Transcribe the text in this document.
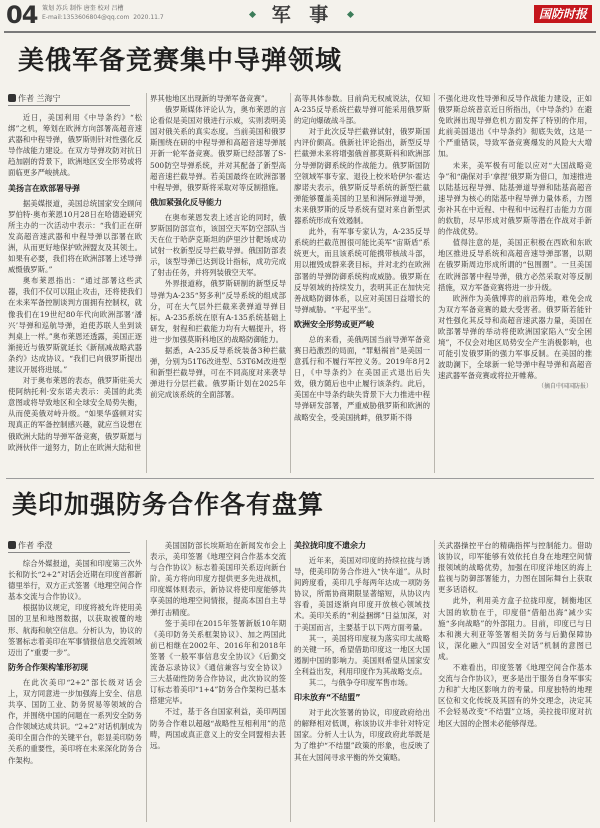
04 策划 苏兵 制作 唐奎 校对 吕槽
E-mail:1353606804@qq.com 2020.11.7	军 事	国防时报
美俄军备竞赛集中导弹领域
作者 兰海宁

近日，美国利用《中导条约》“松绑”之机，筹划在欧洲方向部署高超音速武器和中程导弹，俄罗斯则针对性强化反导作战能力建设。在双方导弹攻防对抗日趋加剧的背景下，欧洲地区安全形势或将面临更多严峻挑战。

美扬言在欧部署导弹

据美媒报道，美国总统国家安全顾问罗伯特·奥布莱恩10月28日在哈德逊研究所主办的一次活动中表示：“我们正在研发高超音速武器和中程导弹以部署在欧洲，从而更好地保护欧洲盟友及其领土。如果有必要，我们将在欧洲部署上述导弹威慑俄罗斯。”

奥布莱恩指出：“通过部署这些武器，我们不仅可以阻止攻击，还将使我们在未来军备控制谈判方面拥有控制权，就像我们在19世纪80年代向欧洲部署‘潘兴’导弹和巡航导弹，迫使苏联人坐到谈判桌上一样。”奥布莱恩还透露，美国正逐渐接近与俄罗斯就延长《新削减战略武器条约》达成协议。“我们已向俄罗斯提出建议开展将进展。”

对于奥布莱恩的表态，俄罗斯驻美大使阿纳托利·安东诺夫表示：美国的此类意图或将导致地区和全球安全局势失衡，从而使美俄对峙升级。“如果华盛顿对实现真正的军备控制感兴趣，就应当设想在俄欧洲大陆的导弹军备竞赛，俄罗斯愿与欧洲伙伴一道努力，防止在欧洲大陆和世

界其他地区出现新的导弹军备竞赛”。

俄罗斯媒体评论认为，奥布莱恩的言论看似是美国对俄进行示威，实则表明美国对俄关系的真实态度。当前美国和俄罗斯围绕在研的中程导弹和高超音速导弹展开新一轮军备竞赛。俄罗斯已经部署了S-500防空导弹系统，并对其配备了新型高超音速拦截导弹。若美国最终在欧洲部署中程导弹，俄罗斯将采取对等反制措施。

俄加紧强化反导能力

在奥布莱恩发表上述言论的同时，俄罗斯国防部宣布，该国空天军防空部队当天在位于哈萨克斯坦的萨里沙甘靶场成功试射一枚新型反导拦截导弹。俄国防部表示，该型导弹已达到设计指标，成功完成了射击任务，并将列装俄空天军。

外界报道称，俄罗斯研制的新型反导导弹为A-235“努多利”反导系统的组成部分，可在大气层外拦截来袭弹道导弹目标。A-235系统在原有A-135系统基础上研发，射程和拦截能力均有大幅提升，将进一步加强莫斯科地区的战略防御能力。

据悉，A-235反导系统装备3种拦截弹，分别为51T6改进型、53T6M改进型和新型拦截导弹，可在不同高度对来袭导弹进行分层拦截。俄罗斯计划在2025年前完成该系统的全面部署。

高等具体参数。目前尚无权威说法，仅知A-235反导系统拦截导弹可能采用俄罗斯的定向爆破战斗部。

对于此次反导拦截弹试射，俄罗斯国内评价颇高。俄新社评论指出，新型反导拦截弹未来将增强俄首都莫斯科和欧洲部分导弹防御系统的作战能力。俄罗斯国防空领域军事专家、退役上校米哈伊尔·霍达廖诺夫表示，俄罗斯反导系统的新型拦截弹能够覆盖美国的卫星和洲际弹道导弹，未来俄罗斯的反导系统有望对来自新型武器系统形成有效遏制。

此外，有军事专家认为，A-235反导系统的拦截范围很可能比美军“宙斯盾”系统更大，而且该系统可能携带核战斗部，用以摧毁成群来袭目标，并对北约在欧洲部署的导弹防御系统构成威胁。俄罗斯在反导领域的持续发力，表明其正在加快完善战略防御体系，以应对美国日益增长的导弹威胁。“平起平坐”。

欧洲安全形势或更严峻

总的来看，美俄两国当前导弹军备竞赛日趋激烈的局面，“罪魁祸首”是美国一意孤行和不履行军控义务。2019年8月2日，《中导条约》在美国正式退出后失效，俄方随后也中止履行该条约。此后，美国在中导条约缺失背景下大力推进中程导弹研发部署，严重威胁俄罗斯和欧洲的战略安全，受美国挑衅，俄罗斯不得

不强化进攻性导弹和反导作战能力建设，正如俄罗斯总统普京近日所指出，《中导条约》在避免欧洲出现导弹危机方面发挥了特别的作用，此前美国退出《中导条约》彻底失效，这是一个严重错误，导致军备竞赛爆发的风险大大增加。

未来，美军极有可能以应对“大国战略竞争”和“确保对手‘拿捏’俄罗斯为借口，加速推进以陆基远程导弹、陆基弹道导弹和陆基高超音速导弹为核心的陆基中程导弹力量体系，力图弥补其在中近程、中程和中远程打击能力方面的软肋，尽早形成对俄罗斯等潜在作战对手新的作战优势。

值得注意的是，美国正积极在西欧和东欧地区推进反导系统和高超音速导弹部署，以期在俄罗斯周边形成所谓的“包围圈”。一旦美国在欧洲部署中程导弹，俄方必然采取对等反制措施，双方军备竞赛将进一步升级。

欧洲作为美俄博弈的前沿阵地，难免会成为双方军备竞赛的最大受害者。俄罗斯若能针对性强化其反导和高超音速武器力量，美国在欧部署导弹的举动将使欧洲国家陷入“安全困境”，不仅会对地区局势安全产生消极影响，也可能引发俄罗斯的强力军事反制。在美国的推波助澜下，全球新一轮导弹中程导弹和高超音速武器军备竞赛或将拉开帷幕。

（摘自中国国防报）

美印加强防务合作各有盘算
作者 季澄

综合外媒报道，美国和印度第三次外长和防长“2+2”对话会近期在印度首都新德里举行，双方正式签署《地理空间合作基本交流与合作协议》。

根据协议规定，印度将被允许使用美国的卫星和地图数据，以获取被覆的地形、航海和航空信息。分析认为，协议的签署标志着美印在军事情报信息交流领域迈出了“重要一步”。

防务合作架构雏形初现

在此次美印“2+2”部长级对话会上，双方同意进一步加强海上安全、信息共享、国防工业、防务贸易等领域的合作，并围绕中国的问题在一系列安全防务合作领域达成共识。“2+2”对话机制成为美印全面合作的关键平台，彰显美印防务关系的重要性，美印将在未来深化防务合作架构。

美国国防部长埃斯珀在新闻发布会上表示，美印签署《地理空间合作基本交流与合作协议》标志着美国印关系迈向新台阶。美方将向印度方提供更多先进战机，印度媒体则表示，新协议将使印度能够共享美国的地理空间情报，提高本国自主导弹打击精度。

签于美印在2015年签署新版10年期《美印防务关系框架协议》、加之两国此前已相继在2002年、2016年和2018年签署《一般军事信息安全协议》《后勤交流备忘录协议》《通信兼容与安全协议》三大基础性防务合作协议，此次协议的签订标志着美印“1+4”防务合作架构已基本搭建完毕。

不过，基于各自国家利益，美印两国防务合作难以超越“战略性互相利用”的范畴，两国或真正意义上的安全同盟相去甚远。

美拉拢印度不遗余力

近年来，美国对印度的持续拉拢与诱导，使美印防务合作进入“快车道”。从时间跨度看，美印几乎每两年达成一项防务协议，所需协商期限显著缩短，从协议内容看，美国逐渐向印度开放核心领域技术。美印关系的“利益捆绑”日益加深，对于美国而言，主要基于以下两方面考量。

其一，美国将印度视为落实印太战略的关键一环，希望借助印度这一地区大国遏制中国的影响力。美国则希望从国家安全利益出发，利用印度作为其战略支点。

其二，与俄争夺印度军售市场。

印未放弃“不结盟”

对于此次签署的协议，印度政府给出的解释相对低调，称该协议并非针对特定国家。分析人士认为，印度政府此举既是为了维护“不结盟”政策的形象，也反映了其在大国间寻求平衡的外交策略。

关武器操控平台的精确指挥与控制能力。借助该协议，印军能够有效依托自身在地理空间情报领域的战略优势，加强在印度洋地区的海上监视与防御部署能力，力图在国际舞台上获取更多话语权。

此外，利用美方盒子拉拢印度，制衡地区大国的软肋在于，印度借“借船出海”减少实施“多向战略”的外部阻力。目前，印度已与日本和澳大利亚等签署相关防务与后勤保障协议，深化融入“四国安全对话”机制的意图已成。

不难看出，印度签署《地理空间合作基本交流与合作协议》，更多是出于服务自身军事实力和扩大地区影响力的考量。印度独特的地理区位和文化传统及其固有的外交理念，决定其不会轻易改变“不结盟”立场，美拉拢印度对抗地区大国的企图未必能够得逞。
